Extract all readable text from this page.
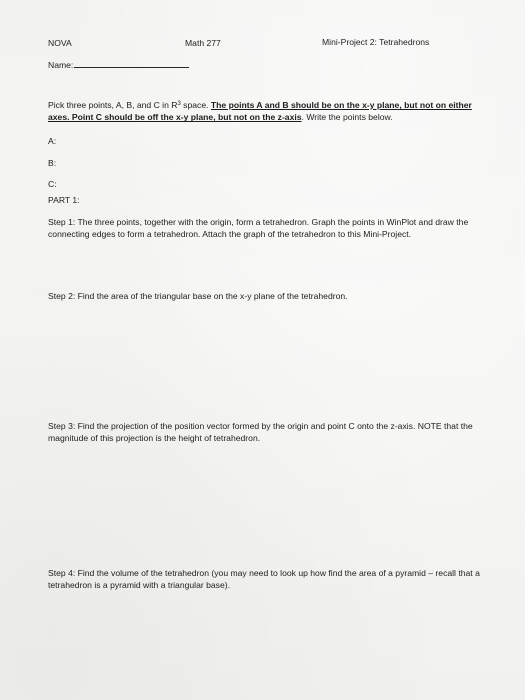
NOVA	Math 277	Mini-Project 2: Tetrahedrons

Name:

Pick three points, A, B, and C in $R^3$ space. The points A and B should be on the x-y plane, but not on either axes. Point C should be off the x-y plane, but not on the z-axis. Write the points below.

A:

B:

C:

PART 1:

Step 1: The three points, together with the origin, form a tetrahedron. Graph the points in WinPlot and draw the connecting edges to form a tetrahedron. Attach the graph of the tetrahedron to this Mini-Project.

Step 2: Find the area of the triangular base on the x-y plane of the tetrahedron.

Step 3: Find the projection of the position vector formed by the origin and point C onto the z-axis. NOTE that the magnitude of this projection is the height of tetrahedron.

Step 4: Find the volume of the tetrahedron (you may need to look up how find the area of a pyramid – recall that a tetrahedron is a pyramid with a triangular base).
